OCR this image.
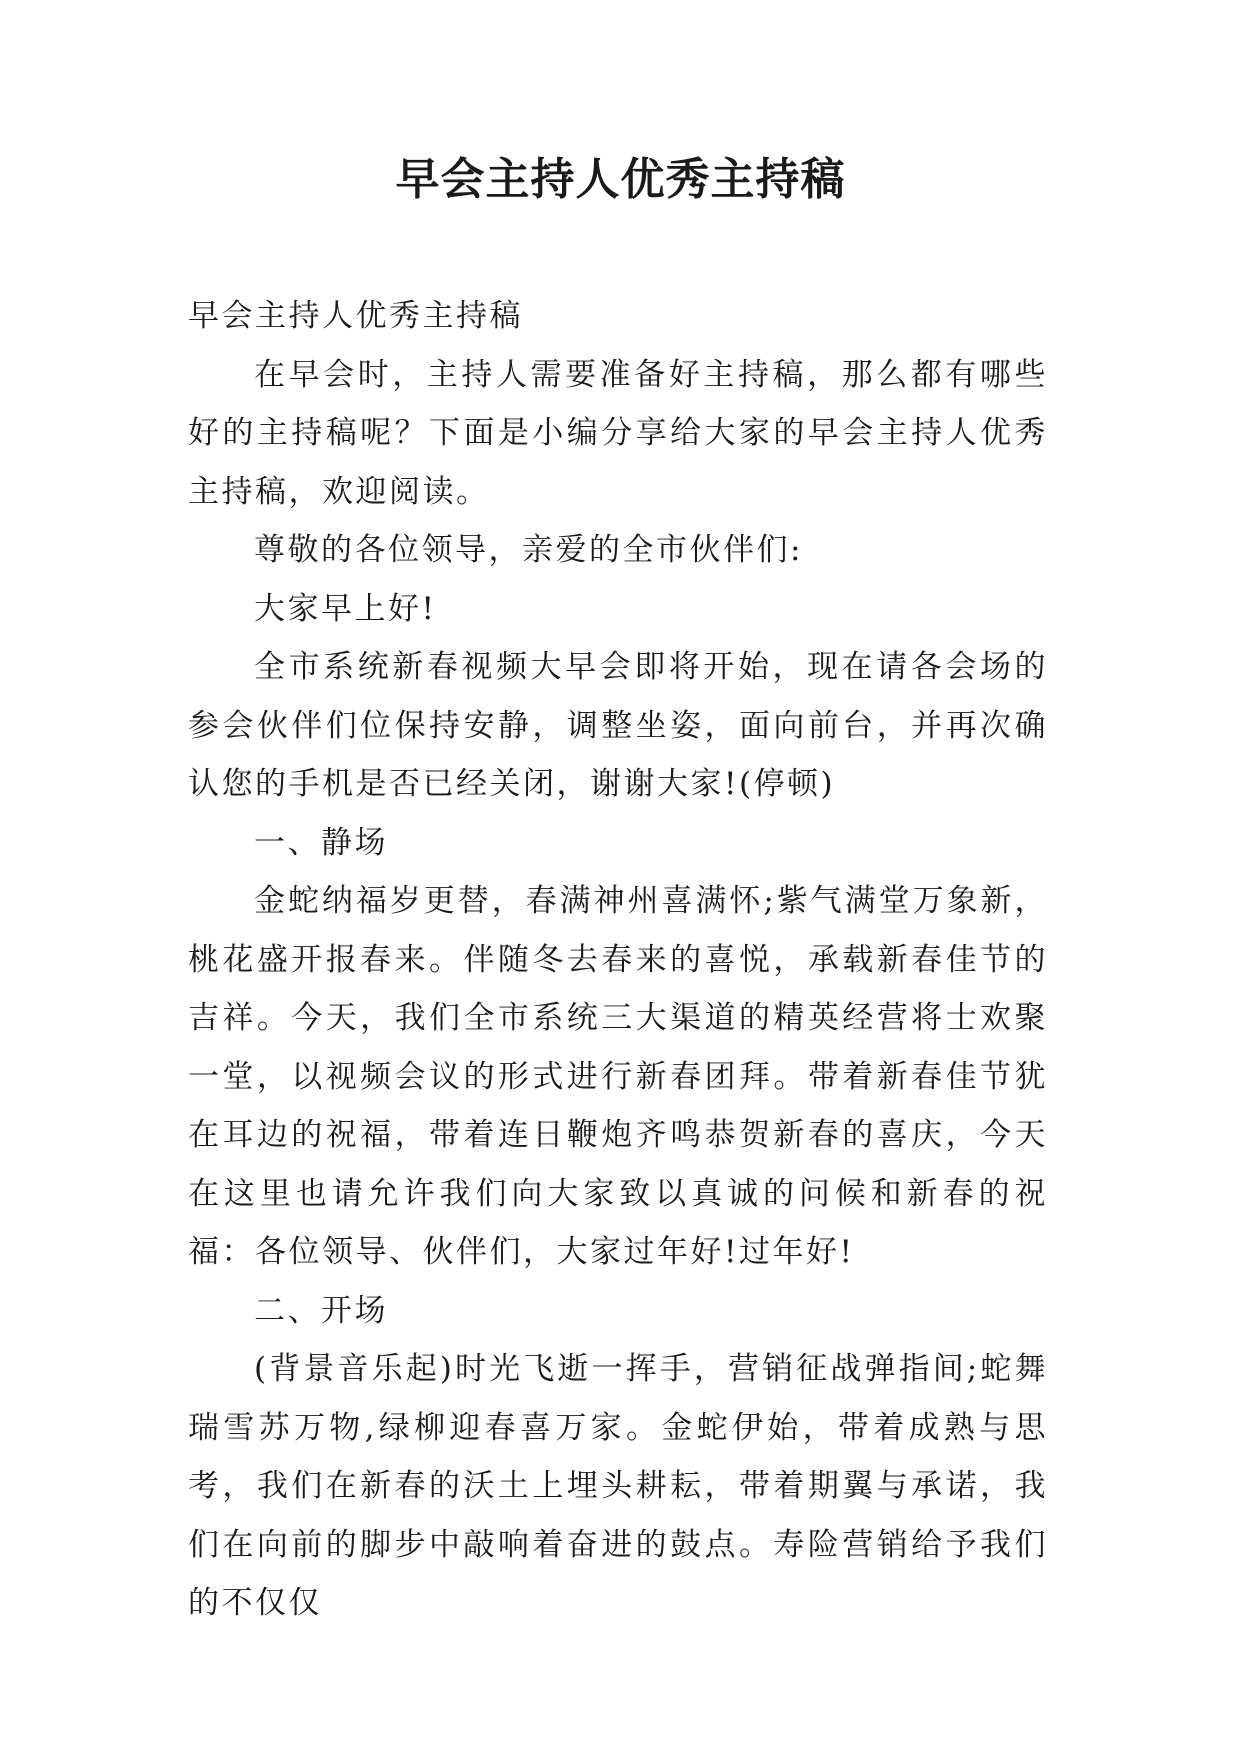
早会主持人优秀主持稿

早会主持人优秀主持稿

在早会时，主持人需要准备好主持稿，那么都有哪些好的主持稿呢？下面是小编分享给大家的早会主持人优秀主持稿，欢迎阅读。

尊敬的各位领导，亲爱的全市伙伴们:

大家早上好!

全市系统新春视频大早会即将开始，现在请各会场的参会伙伴们位保持安静，调整坐姿，面向前台，并再次确认您的手机是否已经关闭，谢谢大家!(停顿)

一、静场

金蛇纳福岁更替，春满神州喜满怀;紫气满堂万象新，桃花盛开报春来。伴随冬去春来的喜悦，承载新春佳节的吉祥。今天，我们全市系统三大渠道的精英经营将士欢聚一堂，以视频会议的形式进行新春团拜。带着新春佳节犹在耳边的祝福，带着连日鞭炮齐鸣恭贺新春的喜庆，今天在这里也请允许我们向大家致以真诚的问候和新春的祝福：各位领导、伙伴们，大家过年好!过年好!

二、开场

(背景音乐起)时光飞逝一挥手，营销征战弹指间;蛇舞瑞雪苏万物,绿柳迎春喜万家。金蛇伊始，带着成熟与思考，我们在新春的沃土上埋头耕耘，带着期翼与承诺，我们在向前的脚步中敲响着奋进的鼓点。寿险营销给予我们的不仅仅
